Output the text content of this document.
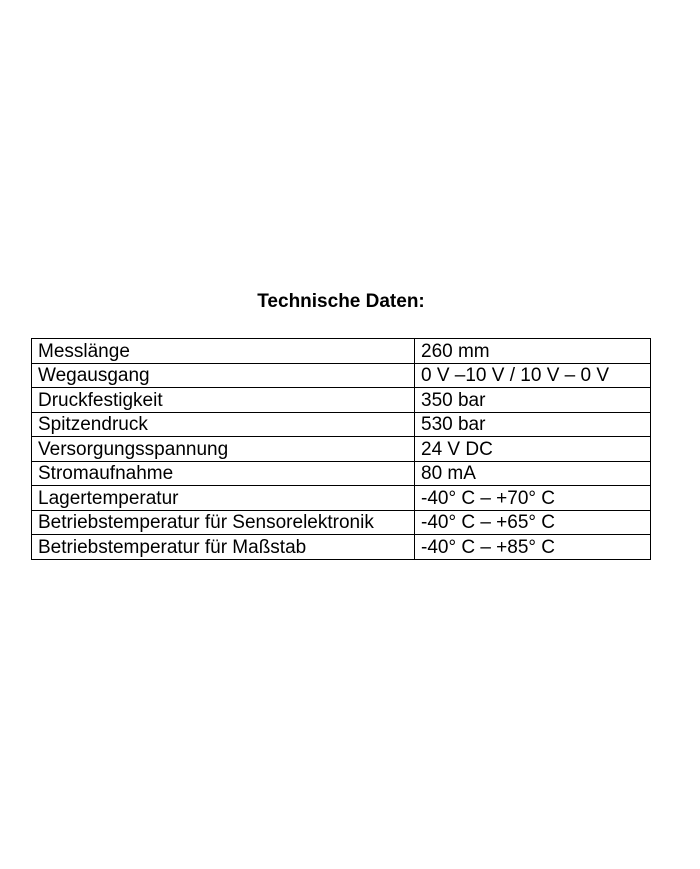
Technische Daten:
Messlänge	260 mm
Wegausgang	0 V –10 V / 10 V – 0 V
Druckfestigkeit	350 bar
Spitzendruck	530 bar
Versorgungsspannung	24 V DC
Stromaufnahme	80 mA
Lagertemperatur	-40° C – +70° C
Betriebstemperatur für Sensorelektronik	-40° C – +65° C
Betriebstemperatur für Maßstab	-40° C – +85° C
